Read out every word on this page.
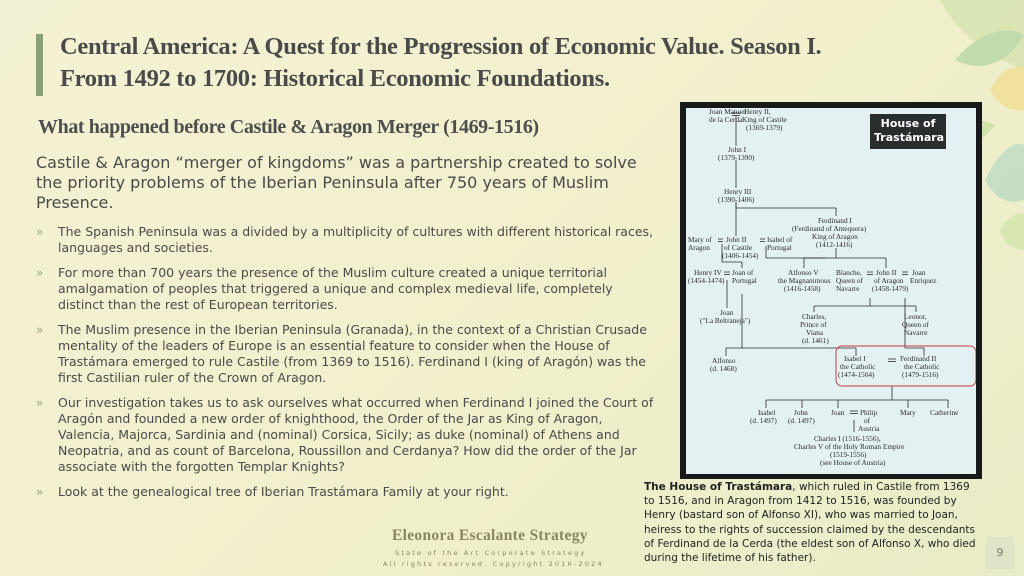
Central America: A Quest for the Progression of Economic Value. Season I.
From 1492 to 1700: Historical Economic Foundations.
What happened before Castile & Aragon Merger (1469-1516)

Castile & Aragon “merger of kingdoms” was a partnership created to solve the priority problems of the Iberian Peninsula after 750 years of Muslim Presence.

» The Spanish Peninsula was a divided by a multiplicity of cultures with different historical races, languages and societies.
» For more than 700 years the presence of the Muslim culture created a unique territorial amalgamation of peoples that triggered a unique and complex medieval life, completely distinct than the rest of European territories.
» The Muslim presence in the Iberian Peninsula (Granada), in the context of a Christian Crusade mentality of the leaders of Europe is an essential feature to consider when the House of Trastámara emerged to rule Castile (from 1369 to 1516). Ferdinand I (king of Aragón) was the first Castilian ruler of the Crown of Aragon.
» Our investigation takes us to ask ourselves what occurred when Ferdinand I joined the Court of Aragón and founded a new order of knighthood, the Order of the Jar as King of Aragon, Valencia, Majorca, Sardinia and (nominal) Corsica, Sicily; as duke (nominal) of Athens and Neopatria, and as count of Barcelona, Roussillon and Cerdanya? How did the order of the Jar associate with the forgotten Templar Knights?
» Look at the genealogical tree of Iberian Trastámara Family at your right.

Eleonora Escalante Strategy

State of the Art Corporate Strategy

All rights reserved. Copyright 2016-2024

Joan Manuel
de la Cerda
Henry II,
King of Castile
(1369-1379)
John I
(1379-1390)
Henry III
(1390-1406)
Ferdinand I
(Ferdinand of Antequera)
King of Aragon
(1412-1416)
Mary of
Aragon
John II
of Castile
(1406-1454)
Isabel of
Portugal
Henry IV
(1454-1474)
Joan of
Portugal
Alfonso V
the Magnanimous
(1416-1458)
Blanche,
Queen of
Navarre
John II
of Aragon
(1458-1479)
Joan
Enriquez
Joan
("La Beltraneja")	Charles,
Prince of
Viana
(d. 1461)
Leonor,
Queen of
Navarre
Alfonso
(d. 1468)
Isabel I
the Catholic
(1474-1504)
Ferdinand II
the Catholic
(1479-1516)
Isabel
(d. 1497)
John
(d. 1497)
Joan Philip
of
Austria
Mary Catherine
Charles I (1516-1556),
Charles V of the Holy Roman Empire
(1519-1556)
(see House of Austria)
House of
Trastámara

The House of Trastámara, which ruled in Castile from 1369 to 1516, and in Aragon from 1412 to 1516, was founded by Henry (bastard son of Alfonso XI), who was married to Joan, heiress to the rights of succession claimed by the descendants of Ferdinand de la Cerda (the eldest son of Alfonso X, who died during the lifetime of his father).	9
